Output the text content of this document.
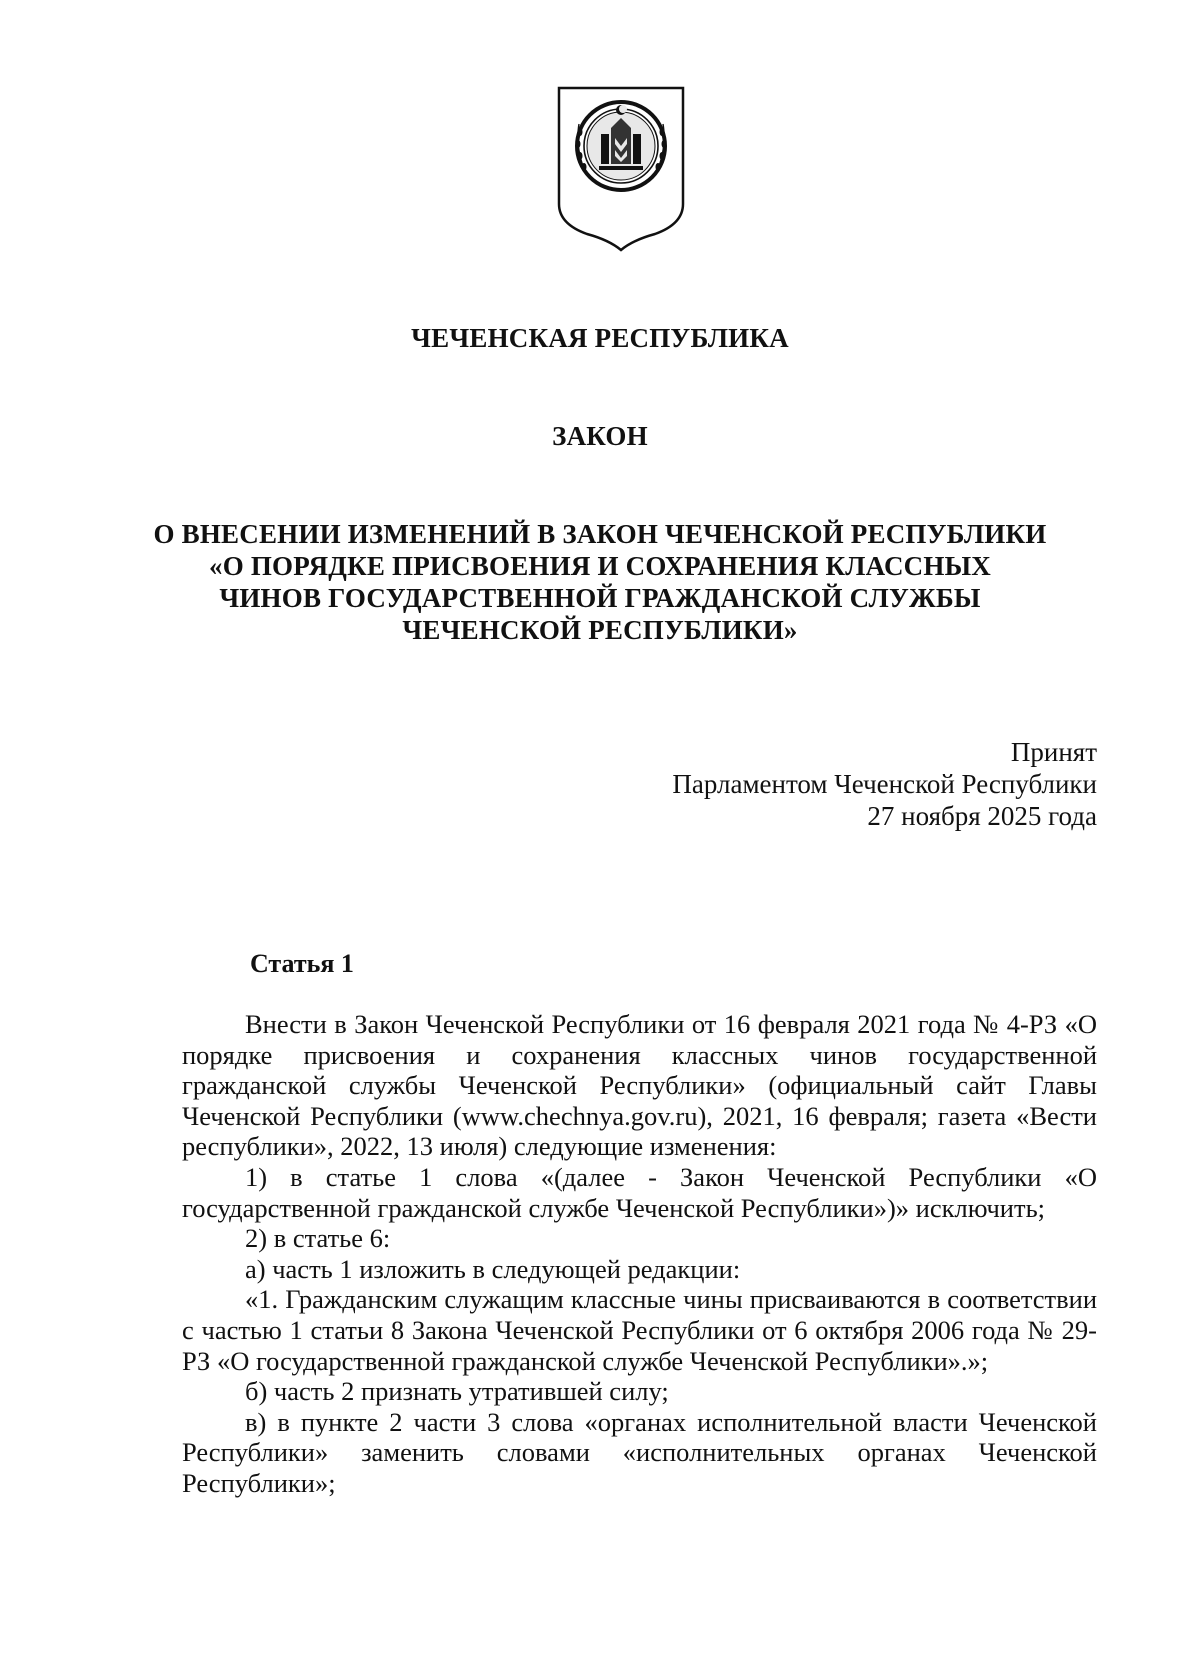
ЧЕЧЕНСКАЯ РЕСПУБЛИКА
ЗАКОН
О ВНЕСЕНИИ ИЗМЕНЕНИЙ В ЗАКОН ЧЕЧЕНСКОЙ РЕСПУБЛИКИ
«О ПОРЯДКЕ ПРИСВОЕНИЯ И СОХРАНЕНИЯ КЛАССНЫХ
ЧИНОВ ГОСУДАРСТВЕННОЙ ГРАЖДАНСКОЙ СЛУЖБЫ
ЧЕЧЕНСКОЙ РЕСПУБЛИКИ»
Принят
Парламентом Чеченской Республики
27 ноября 2025 года
Статья 1

Внести в Закон Чеченской Республики от 16 февраля 2021 года № 4-РЗ «О порядке присвоения и сохранения классных чинов государственной гражданской службы Чеченской Республики» (официальный сайт Главы Чеченской Республики (www.chechnya.gov.ru), 2021, 16 февраля; газета «Вести республики», 2022, 13 июля) следующие изменения:

1) в статье 1 слова «(далее - Закон Чеченской Республики «О государственной гражданской службе Чеченской Республики»)» исключить;

2) в статье 6:

а) часть 1 изложить в следующей редакции:

«1. Гражданским служащим классные чины присваиваются в соответствии с частью 1 статьи 8 Закона Чеченской Республики от 6 октября 2006 года № 29-РЗ «О государственной гражданской службе Чеченской Республики».»;

б) часть 2 признать утратившей силу;

в) в пункте 2 части 3 слова «органах исполнительной власти Чеченской Республики» заменить словами «исполнительных органах Чеченской Республики»;
